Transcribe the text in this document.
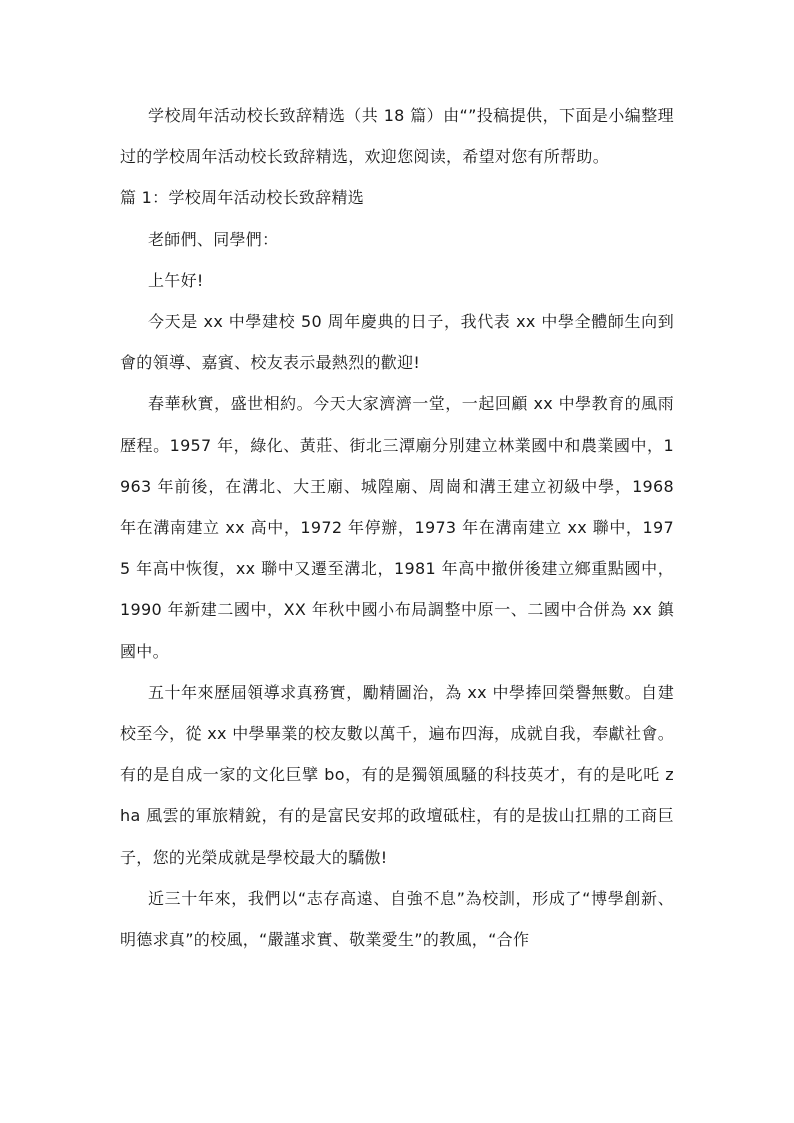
学校周年活动校长致辞精选（共 18 篇）由“”投稿提供，下面是小编整理过的学校周年活动校长致辞精选，欢迎您阅读，希望对您有所帮助。

篇 1：学校周年活动校长致辞精选

老師們、同學們：

上午好!

今天是 xx 中學建校 50 周年慶典的日子，我代表 xx 中學全體師生向到會的領導、嘉賓、校友表示最熱烈的歡迎!

春華秋實，盛世相約。今天大家濟濟一堂，一起回顧 xx 中學教育的風雨歷程。1957 年，綠化、黃莊、街北三潭廟分別建立林業國中和農業國中，1963 年前後，在溝北、大王廟、城隍廟、周崗和溝王建立初級中學，1968 年在溝南建立 xx 高中，1972 年停辦，1973 年在溝南建立 xx 聯中，1975 年高中恢復，xx 聯中又遷至溝北，1981 年高中撤併後建立鄉重點國中，1990 年新建二國中，XX 年秋中國小布局調整中原一、二國中合併為 xx 鎮國中。

五十年來歷屆領導求真務實，勵精圖治，為 xx 中學捧回榮譽無數。自建校至今，從 xx 中學畢業的校友數以萬千，遍布四海，成就自我，奉獻社會。有的是自成一家的文化巨擘 bo，有的是獨領風騷的科技英才，有的是叱吒 zha 風雲的軍旅精銳，有的是富民安邦的政壇砥柱，有的是拔山扛鼎的工商巨子，您的光榮成就是學校最大的驕傲!

近三十年來，我們以“志存高遠、自強不息”為校訓，形成了“博學創新、明德求真”的校風，“嚴謹求實、敬業愛生”的教風，“合作
